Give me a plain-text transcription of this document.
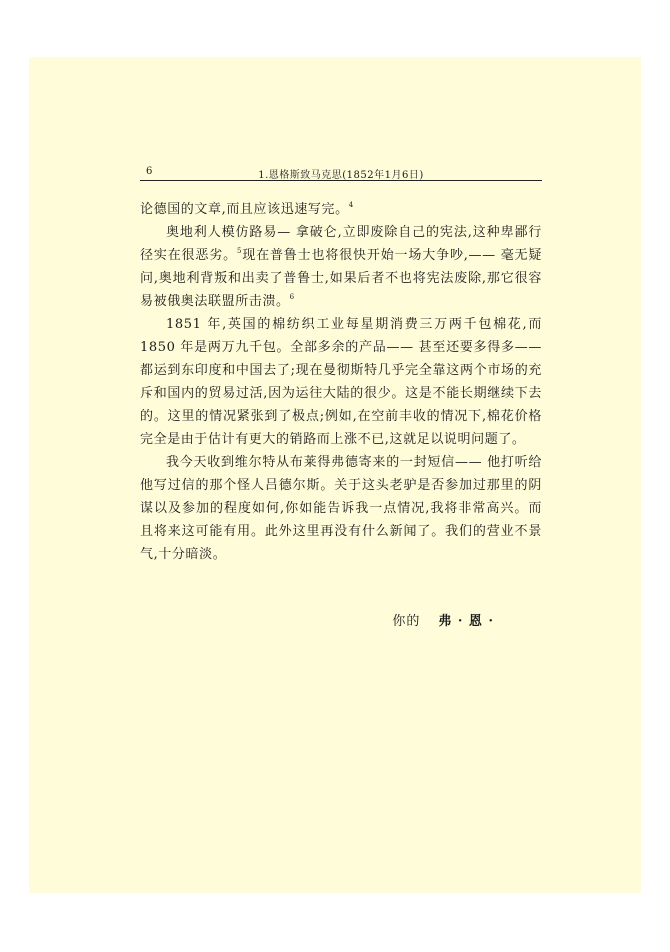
6	1.恩格斯致马克思(1852年1月6日)

论德国的文章,而且应该迅速写完。$^4$

奥地利人模仿路易— 拿破仑,立即废除自己的宪法,这种卑鄙行径实在很恶劣。$^5$现在普鲁士也将很快开始一场大争吵,—— 毫无疑问,奥地利背叛和出卖了普鲁士,如果后者不也将宪法废除,那它很容易被俄奥法联盟所击溃。$^6$

1851 年,英国的棉纺织工业每星期消费三万两千包棉花,而1850 年是两万九千包。全部多余的产品—— 甚至还要多得多——都运到东印度和中国去了;现在曼彻斯特几乎完全靠这两个市场的充斥和国内的贸易过活,因为运往大陆的很少。这是不能长期继续下去的。这里的情况紧张到了极点;例如,在空前丰收的情况下,棉花价格完全是由于估计有更大的销路而上涨不已,这就足以说明问题了。

我今天收到维尔特从布莱得弗德寄来的一封短信—— 他打听给他写过信的那个怪人吕德尔斯。关于这头老驴是否参加过那里的阴谋以及参加的程度如何,你如能告诉我一点情况,我将非常高兴。而且将来这可能有用。此外这里再没有什么新闻了。我们的营业不景气,十分暗淡。

你的 弗 · 恩 ·
